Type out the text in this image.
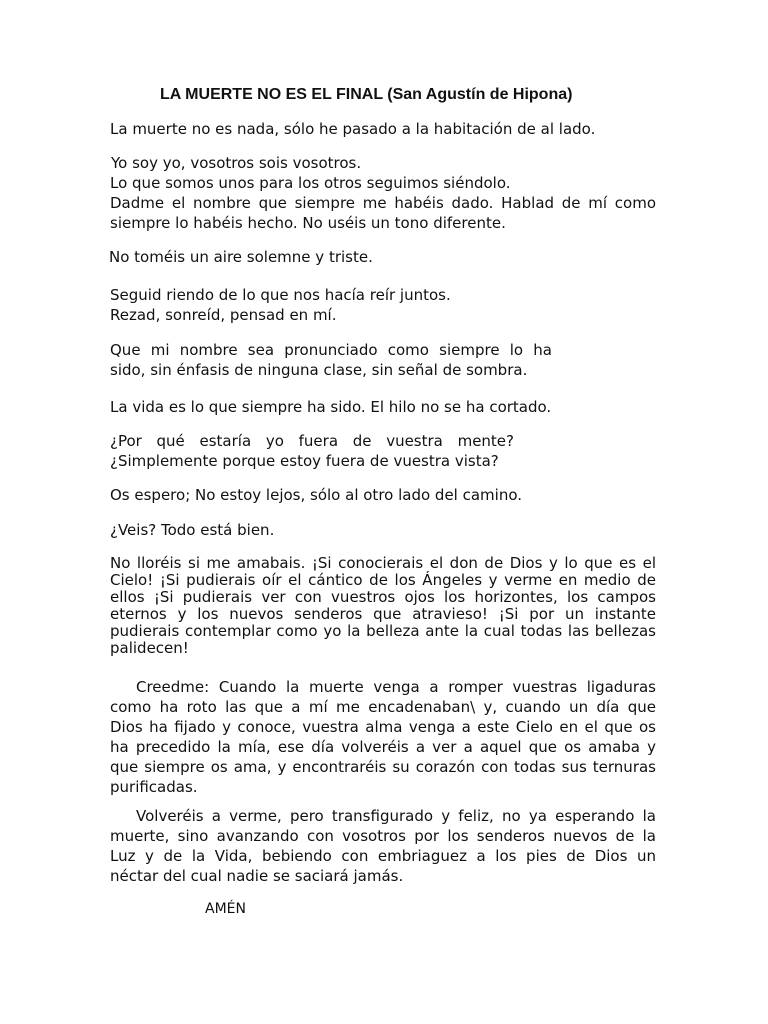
LA MUERTE NO ES EL FINAL (San Agustín de Hipona)
La muerte no es nada, sólo he pasado a la habitación de al lado.
Yo soy yo, vosotros sois vosotros.
Lo que somos unos para los otros seguimos siéndolo.
Dadme el nombre que siempre me habéis dado. Hablad de mí como
siempre lo habéis hecho. No uséis un tono diferente.
No toméis un aire solemne y triste.
Seguid riendo de lo que nos hacía reír juntos.
Rezad, sonreíd, pensad en mí.
Que mi nombre sea pronunciado como siempre lo ha
sido, sin énfasis de ninguna clase, sin señal de sombra.
La vida es lo que siempre ha sido. El hilo no se ha cortado.
¿Por qué estaría yo fuera de vuestra mente?
¿Simplemente porque estoy fuera de vuestra vista?
Os espero; No estoy lejos, sólo al otro lado del camino.
¿Veis? Todo está bien.
No lloréis si me amabais. ¡Si conocierais el don de Dios y lo que es el
Cielo! ¡Si pudierais oír el cántico de los Ángeles y verme en medio de
ellos ¡Si pudierais ver con vuestros ojos los horizontes, los campos
eternos y los nuevos senderos que atravieso! ¡Si por un instante
pudierais contemplar como yo la belleza ante la cual todas las bellezas
palidecen!
Creedme: Cuando la muerte venga a romper vuestras ligaduras
como ha roto las que a mí me encadenaban\ y, cuando un día que
Dios ha fijado y conoce, vuestra alma venga a este Cielo en el que os
ha precedido la mía, ese día volveréis a ver a aquel que os amaba y
que siempre os ama, y encontraréis su corazón con todas sus ternuras
purificadas.
Volveréis a verme, pero transfigurado y feliz, no ya esperando la
muerte, sino avanzando con vosotros por los senderos nuevos de la
Luz y de la Vida, bebiendo con embriaguez a los pies de Dios un
néctar del cual nadie se saciará jamás.
AMÉN
